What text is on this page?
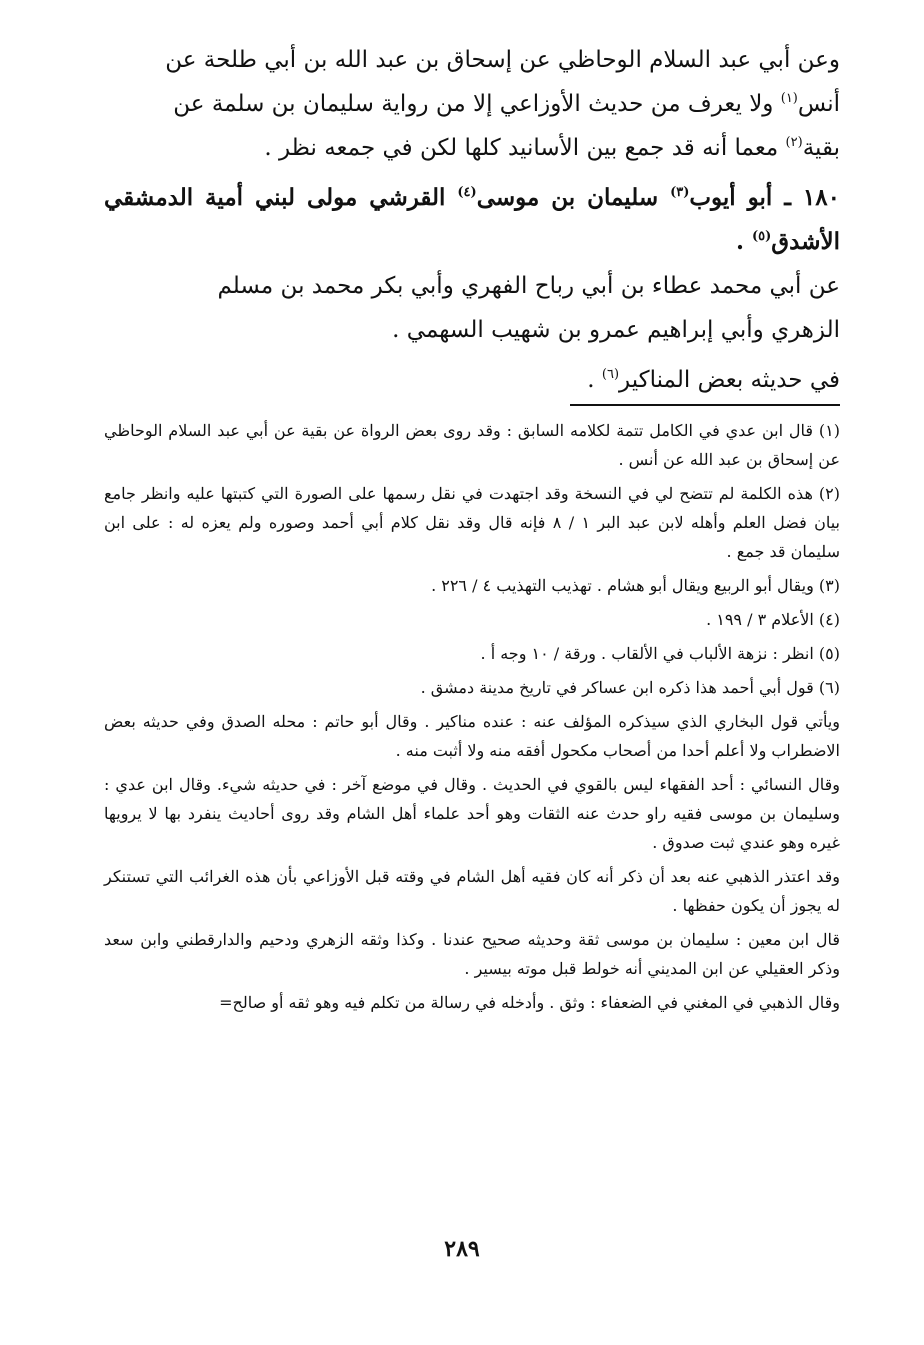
وعن أبي عبد السلام الوحاظي عن إسحاق بن عبد الله بن أبي طلحة عن
أنس$^{(١)}$ ولا يعرف من حديث الأوزاعي إلا من رواية سليمان بن سلمة عن
بقية$^{(٢)}$ معما أنه قد جمع بين الأسانيد كلها لكن في جمعه نظر .

١٨٠ ـ أبو أيوب$^{(٣)}$ سليمان بن موسى$^{(٤)}$ القرشي مولى لبني أمية الدمشقي الأشدق$^{(٥)}$ .

عن أبي محمد عطاء بن أبي رباح الفهري وأبي بكر محمد بن مسلم
الزهري وأبي إبراهيم عمرو بن شهيب السهمي .

في حديثه بعض المناكير$^{(٦)}$ .

(١) قال ابن عدي في الكامل تتمة لكلامه السابق : وقد روى بعض الرواة عن بقية عن أبي عبد السلام الوحاظي عن إسحاق بن عبد الله عن أنس .

(٢) هذه الكلمة لم تتضح لي في النسخة وقد اجتهدت في نقل رسمها على الصورة التي كتبتها عليه وانظر جامع بيان فضل العلم وأهله لابن عبد البر ١ / ٨ فإنه قال وقد نقل كلام أبي أحمد وصوره ولم يعزه له : على ابن سليمان قد جمع .

(٣) ويقال أبو الربيع ويقال أبو هشام . تهذيب التهذيب ٤ / ٢٢٦ .

(٤) الأعلام ٣ / ١٩٩ .

(٥) انظر : نزهة الألباب في الألقاب . ورقة / ١٠ وجه أ .

(٦) قول أبي أحمد هذا ذكره ابن عساكر في تاريخ مدينة دمشق .

ويأتي قول البخاري الذي سيذكره المؤلف عنه : عنده مناكير . وقال أبو حاتم : محله الصدق وفي حديثه بعض الاضطراب ولا أعلم أحدا من أصحاب مكحول أفقه منه ولا أثبت منه .

وقال النسائي : أحد الفقهاء ليس بالقوي في الحديث . وقال في موضع آخر : في حديثه شيء. وقال ابن عدي : وسليمان بن موسى فقيه راو حدث عنه الثقات وهو أحد علماء أهل الشام وقد روى أحاديث ينفرد بها لا يرويها غيره وهو عندي ثبت صدوق .

وقد اعتذر الذهبي عنه بعد أن ذكر أنه كان فقيه أهل الشام في وقته قبل الأوزاعي بأن هذه الغرائب التي تستنكر له يجوز أن يكون حفظها .

قال ابن معين : سليمان بن موسى ثقة وحديثه صحيح عندنا . وكذا وثقه الزهري ودحيم والدارقطني وابن سعد وذكر العقيلي عن ابن المديني أنه خولط قبل موته بيسير .

وقال الذهبي في المغني في الضعفاء : وثق . وأدخله في رسالة من تكلم فيه وهو ثقه أو صالح=

٢٨٩
